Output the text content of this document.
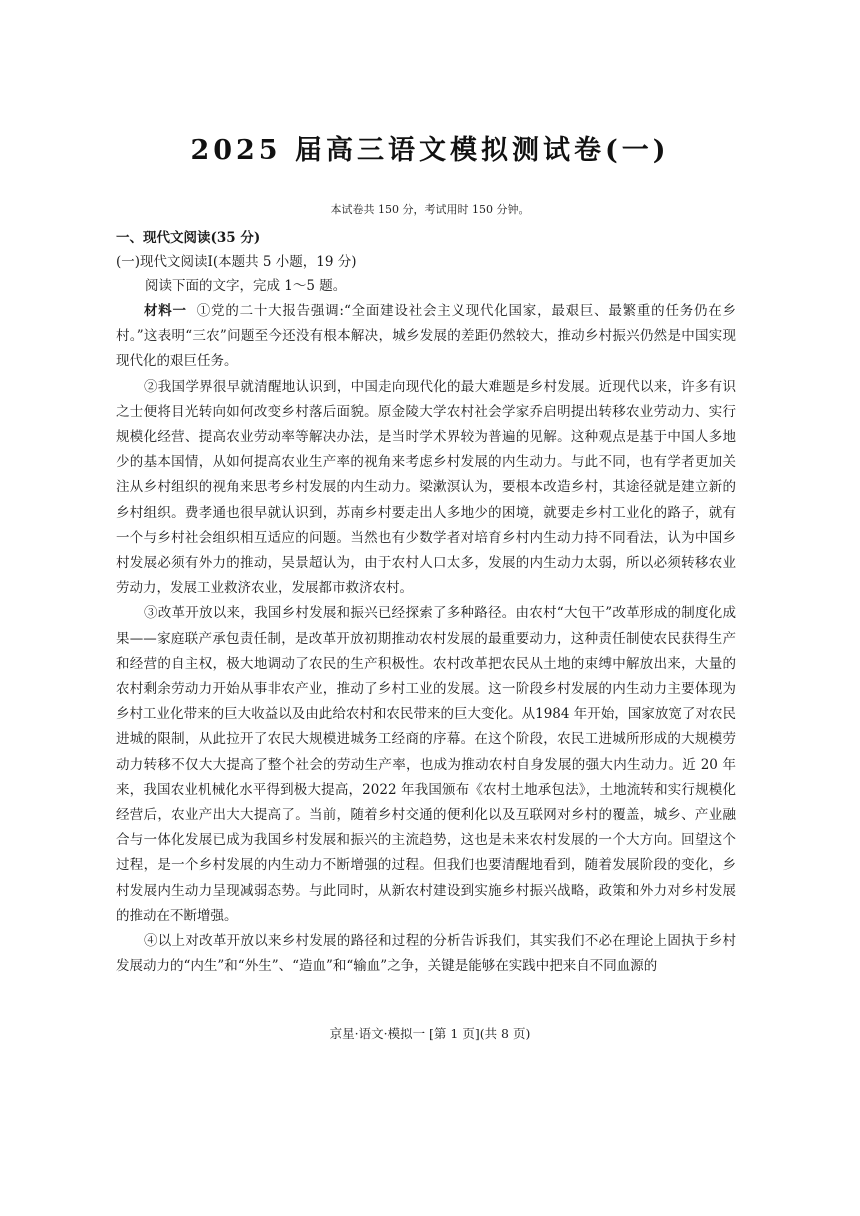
2025 届高三语文模拟测试卷(一)
本试卷共 150 分，考试用时 150 分钟。
一、现代文阅读(35 分)
(一)现代文阅读Ⅰ(本题共 5 小题，19 分)
阅读下面的文字，完成 1～5 题。

材料一 ①党的二十大报告强调:“全面建设社会主义现代化国家，最艰巨、最繁重的任务仍在乡村。”这表明“三农”问题至今还没有根本解决，城乡发展的差距仍然较大，推动乡村振兴仍然是中国实现现代化的艰巨任务。

②我国学界很早就清醒地认识到，中国走向现代化的最大难题是乡村发展。近现代以来，许多有识之士便将目光转向如何改变乡村落后面貌。原金陵大学农村社会学家乔启明提出转移农业劳动力、实行规模化经营、提高农业劳动率等解决办法，是当时学术界较为普遍的见解。这种观点是基于中国人多地少的基本国情，从如何提高农业生产率的视角来考虑乡村发展的内生动力。与此不同，也有学者更加关注从乡村组织的视角来思考乡村发展的内生动力。梁漱溟认为，要根本改造乡村，其途径就是建立新的乡村组织。费孝通也很早就认识到，苏南乡村要走出人多地少的困境，就要走乡村工业化的路子，就有一个与乡村社会组织相互适应的问题。当然也有少数学者对培育乡村内生动力持不同看法，认为中国乡村发展必须有外力的推动，吴景超认为，由于农村人口太多，发展的内生动力太弱，所以必须转移农业劳动力，发展工业救济农业，发展都市救济农村。

③改革开放以来，我国乡村发展和振兴已经探索了多种路径。由农村“大包干”改革形成的制度化成果——家庭联产承包责任制，是改革开放初期推动农村发展的最重要动力，这种责任制使农民获得生产和经营的自主权，极大地调动了农民的生产积极性。农村改革把农民从土地的束缚中解放出来，大量的农村剩余劳动力开始从事非农产业，推动了乡村工业的发展。这一阶段乡村发展的内生动力主要体现为乡村工业化带来的巨大收益以及由此给农村和农民带来的巨大变化。从1984 年开始，国家放宽了对农民进城的限制，从此拉开了农民大规模进城务工经商的序幕。在这个阶段，农民工进城所形成的大规模劳动力转移不仅大大提高了整个社会的劳动生产率，也成为推动农村自身发展的强大内生动力。近 20 年来，我国农业机械化水平得到极大提高，2022 年我国颁布《农村土地承包法》，土地流转和实行规模化经营后，农业产出大大提高了。当前，随着乡村交通的便利化以及互联网对乡村的覆盖，城乡、产业融合与一体化发展已成为我国乡村发展和振兴的主流趋势，这也是未来农村发展的一个大方向。回望这个过程，是一个乡村发展的内生动力不断增强的过程。但我们也要清醒地看到，随着发展阶段的变化，乡村发展内生动力呈现减弱态势。与此同时，从新农村建设到实施乡村振兴战略，政策和外力对乡村发展的推动在不断增强。

④以上对改革开放以来乡村发展的路径和过程的分析告诉我们，其实我们不必在理论上固执于乡村发展动力的“内生”和“外生”、“造血”和“输血”之争，关键是能够在实践中把来自不同血源的

京星·语文·模拟一 [第 1 页](共 8 页)
